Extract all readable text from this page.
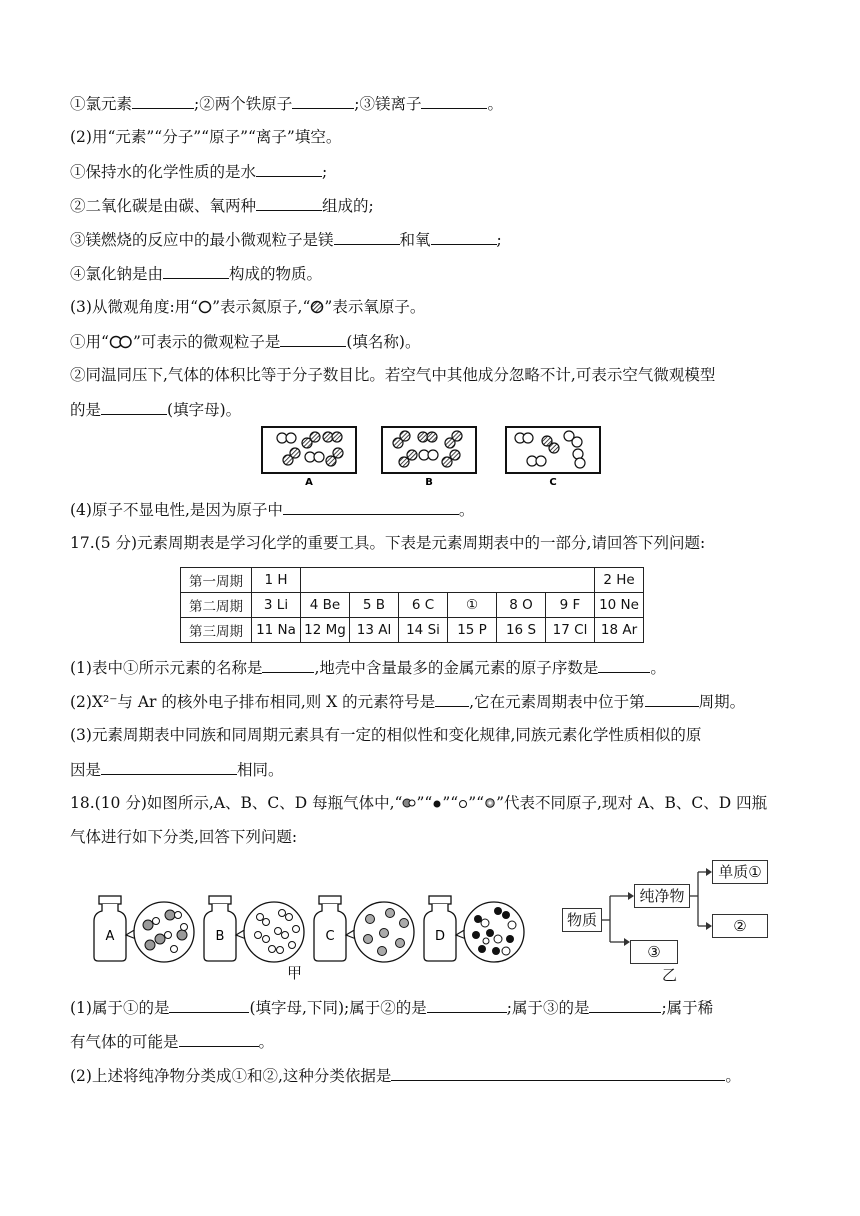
①氯元素	;②两个铁原子	;③镁离子	。
(2)用“元素”“分子”“原子”“离子”填空。
①保持水的化学性质的是水	;
②二氧化碳是由碳、氧两种	组成的;
③镁燃烧的反应中的最小微观粒子是镁	和氧	;
④氯化钠是由	构成的物质。
(3)从微观角度:用“ ”表示氮原子,“ ”表示氧原子。
①用“ ”可表示的微观粒子是	(填名称)。
②同温同压下,气体的体积比等于分子数目比。若空气中其他成分忽略不计,可表示空气微观模型
的是	(填字母)。
A	B	C
(4)原子不显电性,是因为原子中	。
17.(5 分)元素周期表是学习化学的重要工具。下表是元素周期表中的一部分,请回答下列问题:
第一周期	1 H							2 He
第二周期	3 Li	4 Be	5 B	6 C	①	8 O	9 F	10 Ne
第三周期	11 Na	12 Mg	13 Al	14 Si	15 P	16 S	17 Cl	18 Ar
(1)表中①所示元素的名称是	,地壳中含量最多的金属元素的原子序数是	。
(2)X²⁻与 Ar 的核外电子排布相同,则 X 的元素符号是 ,它在元素周期表中位于第	周期。
(3)元素周期表中同族和同周期元素具有一定的相似性和变化规律,同族元素化学性质相似的原
因是	相同。
18.(10 分)如图所示,A、B、C、D 每瓶气体中,“ ”“ ”“ ”“ ”代表不同原子,现对 A、B、C、D 四瓶
气体进行如下分类,回答下列问题:
A	B	C	D
甲
物质
纯净物
单质①
②
③
乙
(1)属于①的是	(填字母,下同);属于②的是	;属于③的是	;属于稀
有气体的可能是	。
(2)上述将纯净物分类成①和②,这种分类依据是	。
